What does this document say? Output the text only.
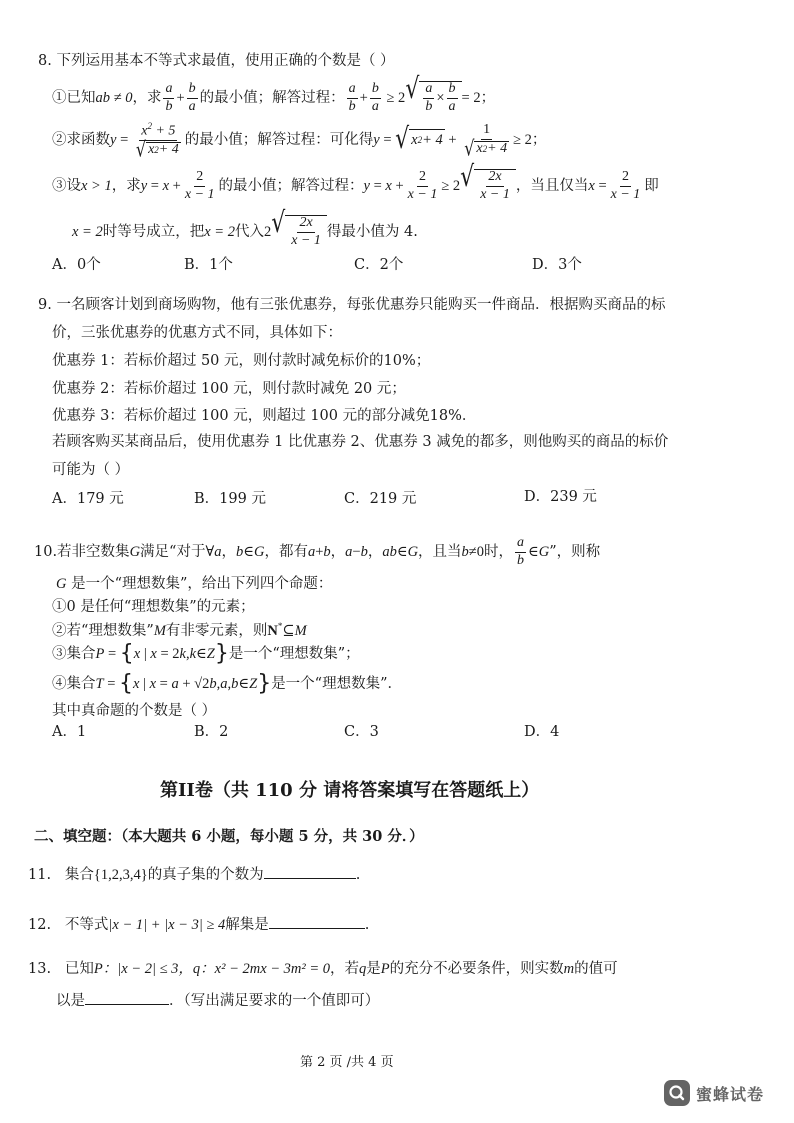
8. 下列运用基本不等式求最值，使用正确的个数是（ ）
①已知 ab ≠ 0 ，求 $\frac{a}{b} + \frac{b}{a}$ 的最小值；解答过程： $\frac{a}{b} + \frac{b}{a} \ge 2$ √ $\frac{a}{b} \times \frac{b}{a} = 2$；
②求函数 $y = \frac{x^2 + 5}{√ x 2 + 4}$ 的最小值；解答过程：可化得 y = √ x $2 + 4 + \frac{1}{√ x 2 + 4} \ge 2$；
③设 x > 1 ，求 $y = x + \frac{2}{x - 1}$ 的最小值；解答过程： $y = x + \frac{2}{x - 1} \ge 2$ √ $\frac{2x}{x - 1}$ ，当且仅当 $x = \frac{2}{x - 1}$ 即
x = 2 时等号成立，把 x = 2 代入 2 √ $\frac{2x}{x - 1}$ 得最小值为 4.
A．0个	B．1个	C．2个	D．3个
9. 一名顾客计划到商场购物，他有三张优惠券，每张优惠券只能购买一件商品．根据购买商品的标
价，三张优惠券的优惠方式不同，具体如下：
优惠券 1：若标价超过 50 元，则付款时减免标价的10%；
优惠券 2：若标价超过 100 元，则付款时减免 20 元；
优惠券 3：若标价超过 100 元，则超过 100 元的部分减免18%．
若顾客购买某商品后，使用优惠券 1 比优惠券 2、优惠券 3 减免的都多，则他购买的商品的标价
可能为（ ）
A．179 元	B．199 元	C．219 元	D．239 元
10.若非空数集 G 满足“对于 ∀ a ， b ∈ G ，都有 a + b ， a − b ， ab ∈ G ，且当 b ≠0 时， $\frac{a}{b}$ ∈ G ”，则称
G 是一个“理想数集”，给出下列四个命题：
①0 是任何“理想数集”的元素；
②若“理想数集”M有非零元素，则N*⊆M
③集合 P = { x | x = 2 k , k ∈ Z } 是一个“理想数集”；
④集合 T = { x | x = a + √2 b , a , b ∈ Z } 是一个“理想数集”．
其中真命题的个数是（ ）
A．1	B．2	C．3	D．4
第II卷（共 110 分 请将答案填写在答题纸上）
二、填空题：（本大题共 6 小题，每小题 5 分，共 30 分．）
11.
集合 {1,2,3,4} 的真子集的个数为	.
12.
不等式 |x − 1| + |x − 3| ≥ 4 解集是	.
13.
已知 P：|x − 2| ≤ 3， q：x² − 2mx − 3m² = 0 ，若 q 是 P 的充分不必要条件，则实数 m 的值可
以是	．（写出满足要求的一个值即可）
第 2 页 /共 4 页
蜜蜂试卷
